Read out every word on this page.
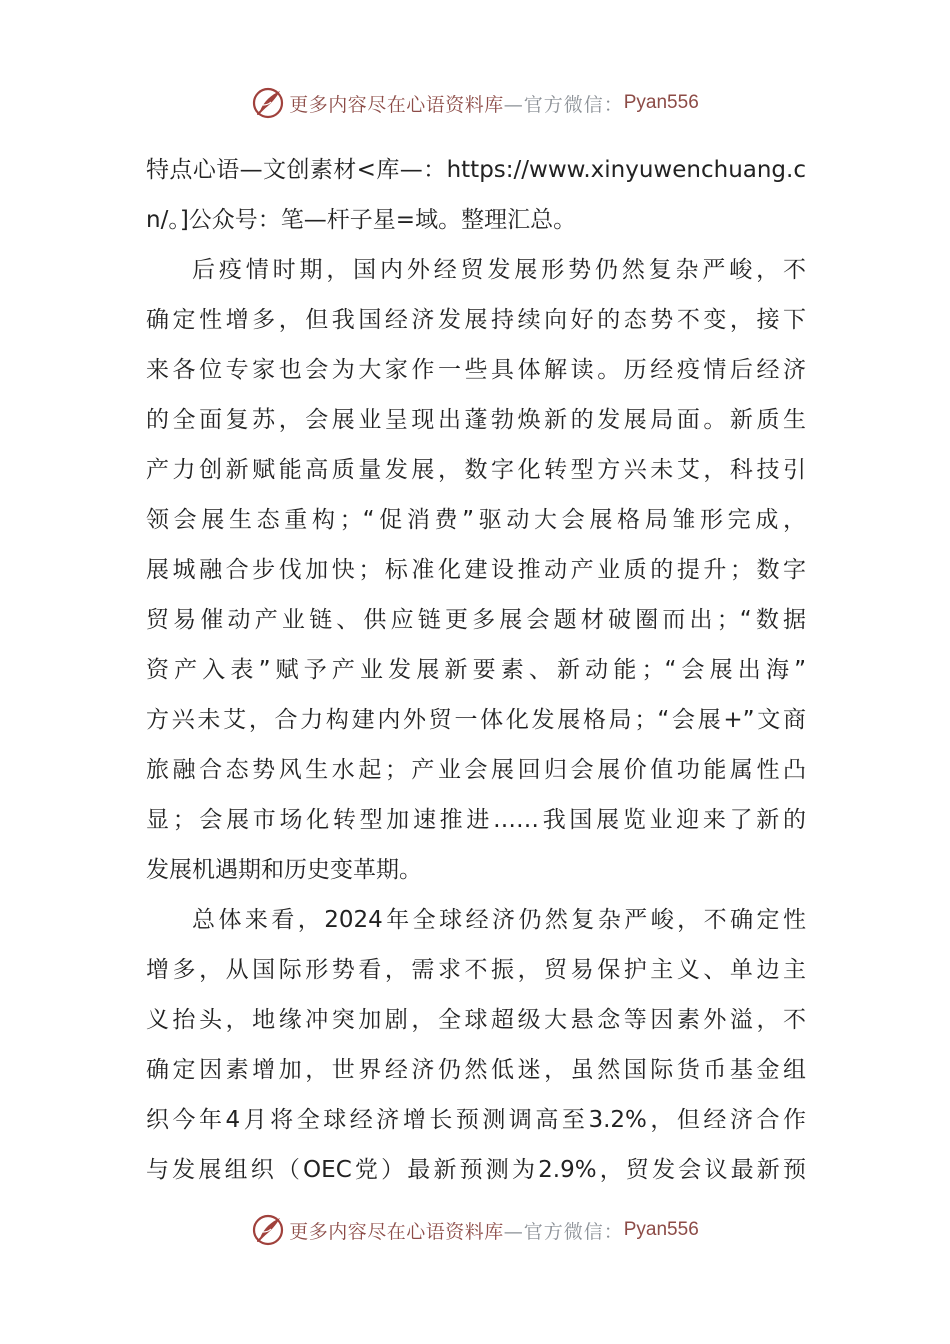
更多内容尽在心语资料库 —官方微信： Pyan556
特点心语—文创素材<库—：https://www.xinyuwenchuang.c
n/。]公众号：笔—杆子星=域。整理汇总。
后疫情时期，国内外经贸发展形势仍然复杂严峻，不
确定性增多，但我国经济发展持续向好的态势不变，接下
来各位专家也会为大家作一些具体解读。历经疫情后经济
的全面复苏，会展业呈现出蓬勃焕新的发展局面。新质生
产力创新赋能高质量发展，数字化转型方兴未艾，科技引
领会展生态重构；“促消费”驱动大会展格局雏形完成，
展城融合步伐加快；标准化建设推动产业质的提升；数字
贸易催动产业链、供应链更多展会题材破圈而出；“数据
资产入表”赋予产业发展新要素、新动能；“会展出海”
方兴未艾，合力构建内外贸一体化发展格局；“会展+”文商
旅融合态势风生水起；产业会展回归会展价值功能属性凸
显；会展市场化转型加速推进……我国展览业迎来了新的
发展机遇期和历史变革期。
总体来看，2024年全球经济仍然复杂严峻，不确定性
增多，从国际形势看，需求不振，贸易保护主义、单边主
义抬头，地缘冲突加剧，全球超级大悬念等因素外溢，不
确定因素增加，世界经济仍然低迷，虽然国际货币基金组
织今年4月将全球经济增长预测调高至3.2%，但经济合作
与发展组织（OEC党）最新预测为2.9%，贸发会议最新预
更多内容尽在心语资料库 —官方微信： Pyan556
